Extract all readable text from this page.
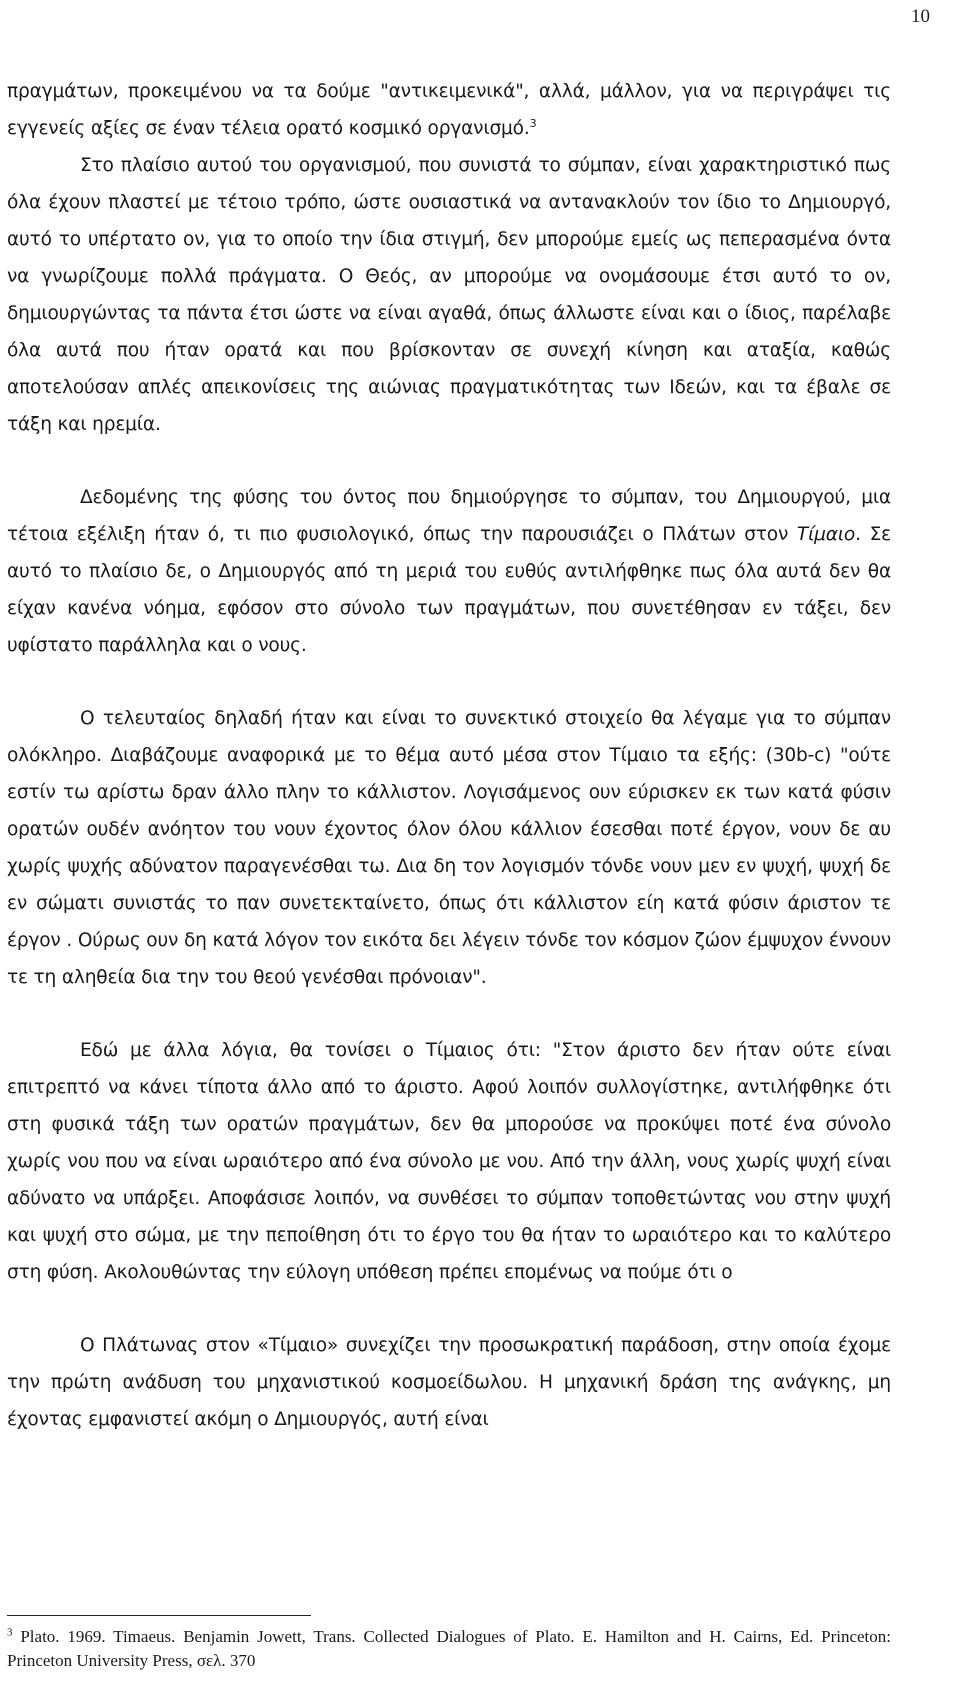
10

πραγμάτων, προκειμένου να τα δούμε "αντικειμενικά", αλλά, μάλλον, για να περιγράψει τις εγγενείς αξίες σε έναν τέλεια ορατό κοσμικό οργανισμό.$^3$

Στο πλαίσιο αυτού του οργανισμού, που συνιστά το σύμπαν, είναι χαρακτηριστικό πως όλα έχουν πλαστεί με τέτοιο τρόπο, ώστε ουσιαστικά να αντανακλούν τον ίδιο το Δημιουργό, αυτό το υπέρτατο ον, για το οποίο την ίδια στιγμή, δεν μπορούμε εμείς ως πεπερασμένα όντα να γνωρίζουμε πολλά πράγματα. Ο Θεός, αν μπορούμε να ονομάσουμε έτσι αυτό το ον, δημιουργώντας τα πάντα έτσι ώστε να είναι αγαθά, όπως άλλωστε είναι και ο ίδιος, παρέλαβε όλα αυτά που ήταν ορατά και που βρίσκονταν σε συνεχή κίνηση και αταξία, καθώς αποτελούσαν απλές απεικονίσεις της αιώνιας πραγματικότητας των Ιδεών, και τα έβαλε σε τάξη και ηρεμία.

Δεδομένης της φύσης του όντος που δημιούργησε το σύμπαν, του Δημιουργού, μια τέτοια εξέλιξη ήταν ό, τι πιο φυσιολογικό, όπως την παρουσιάζει ο Πλάτων στον Τίμαιο. Σε αυτό το πλαίσιο δε, ο Δημιουργός από τη μεριά του ευθύς αντιλήφθηκε πως όλα αυτά δεν θα είχαν κανένα νόημα, εφόσον στο σύνολο των πραγμάτων, που συνετέθησαν εν τάξει, δεν υφίστατο παράλληλα και ο νους.

Ο τελευταίος δηλαδή ήταν και είναι το συνεκτικό στοιχείο θα λέγαμε για το σύμπαν ολόκληρο. Διαβάζουμε αναφορικά με το θέμα αυτό μέσα στον Τίμαιο τα εξής: (30b-c) "ούτε εστίν τω αρίστω δραν άλλο πλην το κάλλιστον. Λογισάμενος ουν εύρισκεν εκ των κατά φύσιν ορατών ουδέν ανόητον του νουν έχοντος όλον όλου κάλλιον έσεσθαι ποτέ έργον, νουν δε αυ χωρίς ψυχής αδύνατον παραγενέσθαι τω. Δια δη τον λογισμόν τόνδε νουν μεν εν ψυχή, ψυχή δε εν σώματι συνιστάς το παν συνετεκταίνετο, όπως ότι κάλλιστον είη κατά φύσιν άριστον τε έργον . Ούρως ουν δη κατά λόγον τον εικότα δει λέγειν τόνδε τον κόσμον ζώον έμψυχον έννουν τε τη αληθεία δια την του θεού γενέσθαι πρόνοιαν".

Εδώ με άλλα λόγια, θα τονίσει ο Τίμαιος ότι: "Στον άριστο δεν ήταν ούτε είναι επιτρεπτό να κάνει τίποτα άλλο από το άριστο. Αφού λοιπόν συλλογίστηκε, αντιλήφθηκε ότι στη φυσικά τάξη των ορατών πραγμάτων, δεν θα μπορούσε να προκύψει ποτέ ένα σύνολο χωρίς νου που να είναι ωραιότερο από ένα σύνολο με νου. Από την άλλη, νους χωρίς ψυχή είναι αδύνατο να υπάρξει. Αποφάσισε λοιπόν, να συνθέσει το σύμπαν τοποθετώντας νου στην ψυχή και ψυχή στο σώμα, με την πεποίθηση ότι το έργο του θα ήταν το ωραιότερο και το καλύτερο στη φύση. Ακολουθώντας την εύλογη υπόθεση πρέπει επομένως να πούμε ότι ο

Ο Πλάτωνας στον «Τίμαιο» συνεχίζει την προσωκρατική παράδοση, στην οποία έχομε την πρώτη ανάδυση του μηχανιστικού κοσμοείδωλου. Η μηχανική δράση της ανάγκης, μη έχοντας εμφανιστεί ακόμη ο Δημιουργός, αυτή είναι

$^3$ Plato. 1969. Timaeus. Benjamin Jowett, Trans. Collected Dialogues of Plato. E. Hamilton and H. Cairns, Ed. Princeton: Princeton University Press, σελ. 370
